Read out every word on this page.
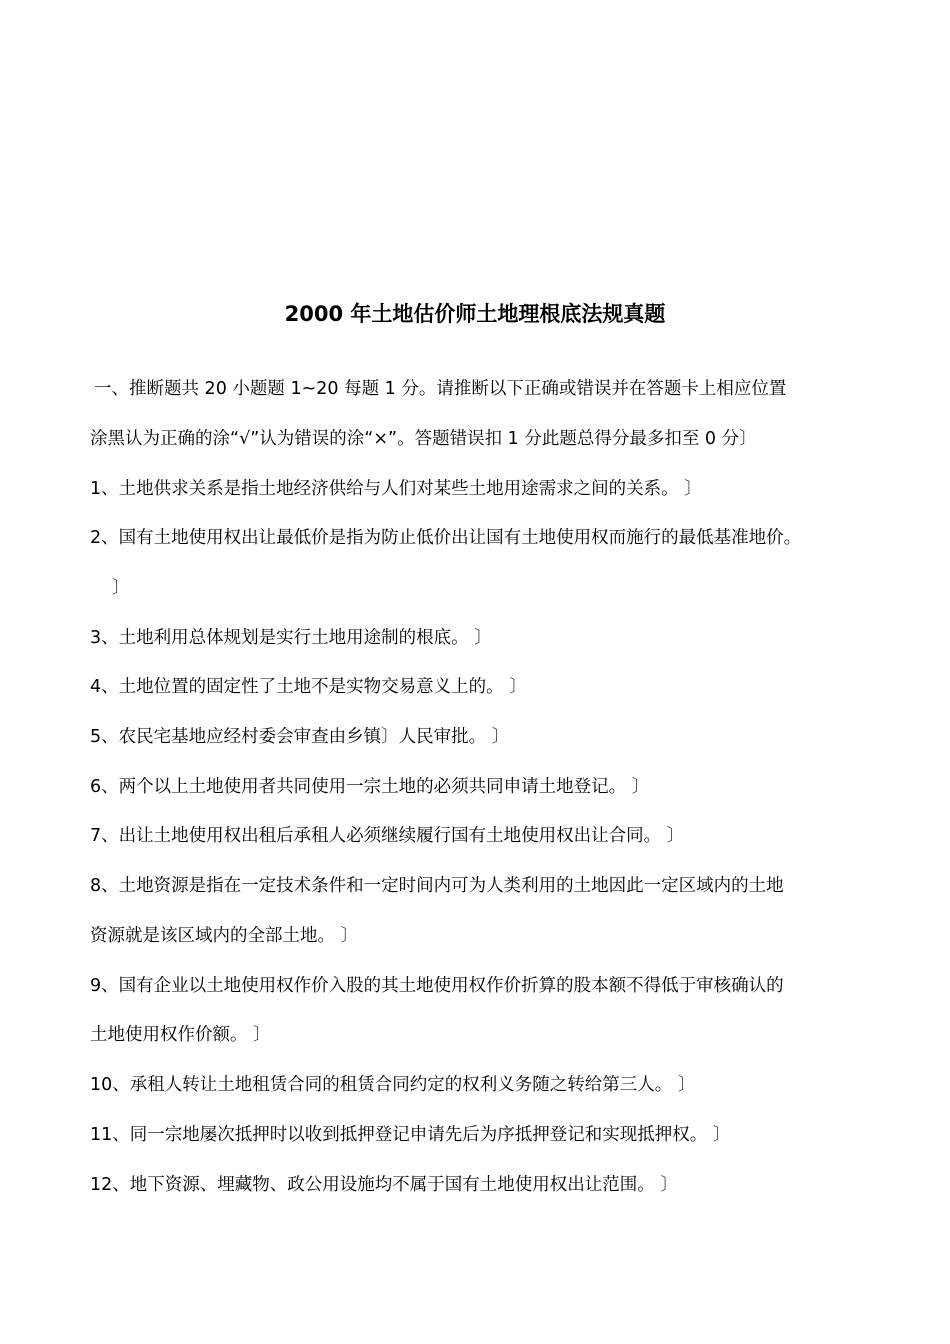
2000 年土地估价师土地理根底法规真题
一、推断题共 20 小题题 1~20 每题 1 分。请推断以下正确或错误并在答题卡上相应位置
涂黑认为正确的涂“√”认为错误的涂“×”。答题错误扣 1 分此题总得分最多扣至 0 分〕
1、土地供求关系是指土地经济供给与人们对某些土地用途需求之间的关系。 〕
2、国有土地使用权出让最低价是指为防止低价出让国有土地使用权而施行的最低基准地价。
〕
3、土地利用总体规划是实行土地用途制的根底。 〕
4、土地位置的固定性了土地不是实物交易意义上的。 〕
5、农民宅基地应经村委会审查由乡镇〕人民审批。 〕
6、两个以上土地使用者共同使用一宗土地的必须共同申请土地登记。 〕
7、出让土地使用权出租后承租人必须继续履行国有土地使用权出让合同。 〕
8、土地资源是指在一定技术条件和一定时间内可为人类利用的土地因此一定区域内的土地
资源就是该区域内的全部土地。 〕
9、国有企业以土地使用权作价入股的其土地使用权作价折算的股本额不得低于审核确认的
土地使用权作价额。 〕
10、承租人转让土地租赁合同的租赁合同约定的权利义务随之转给第三人。 〕
11、同一宗地屡次抵押时以收到抵押登记申请先后为序抵押登记和实现抵押权。 〕
12、地下资源、埋藏物、政公用设施均不属于国有土地使用权出让范围。 〕
